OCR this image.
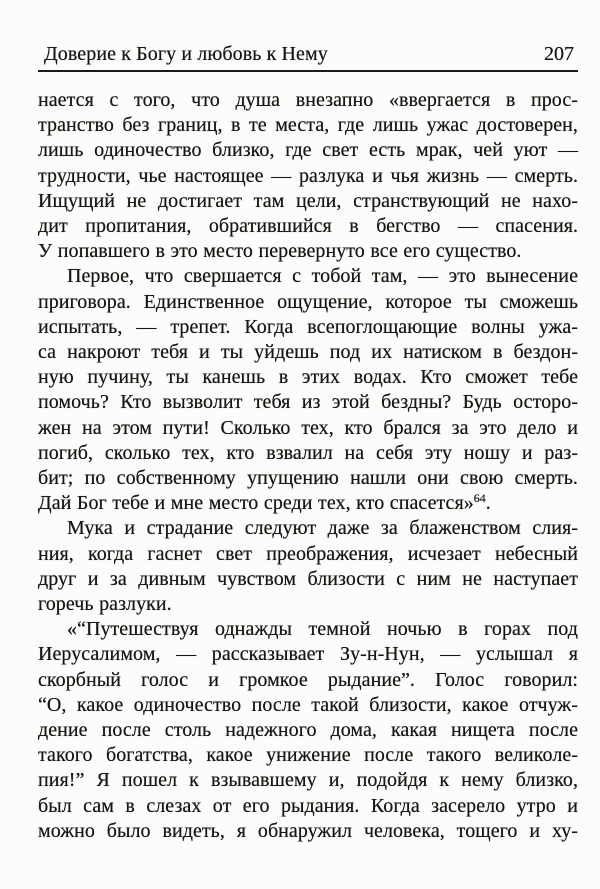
Доверие к Богу и любовь к Нему	207
нается с того, что душа внезапно «ввергается в прос-
транство без границ, в те места, где лишь ужас достоверен,
лишь одиночество близко, где свет есть мрак, чей уют —
трудности, чье настоящее — разлука и чья жизнь — смерть.
Ищущий не достигает там цели, странствующий не нахо-
дит пропитания, обратившийся в бегство — спасения.
У попавшего в это место перевернуто все его существо.
Первое, что свершается с тобой там, — это вынесение
приговора. Единственное ощущение, которое ты сможешь
испытать, — трепет. Когда всепоглощающие волны ужа-
са накроют тебя и ты уйдешь под их натиском в бездон-
ную пучину, ты канешь в этих водах. Кто сможет тебе
помочь? Кто вызволит тебя из этой бездны? Будь осторо-
жен на этом пути! Сколько тех, кто брался за это дело и
погиб, сколько тех, кто взвалил на себя эту ношу и раз-
бит; по собственному упущению нашли они свою смерть.
Дай Бог тебе и мне место среди тех, кто спасется»$^{64}$.
Мука и страдание следуют даже за блаженством слия-
ния, когда гаснет свет преображения, исчезает небесный
друг и за дивным чувством близости с ним не наступает
горечь разлуки.
«“Путешествуя однажды темной ночью в горах под
Иерусалимом, — рассказывает Зу-н-Нун, — услышал я
скорбный голос и громкое рыдание”. Голос говорил:
“О, какое одиночество после такой близости, какое отчуж-
дение после столь надежного дома, какая нищета после
такого богатства, какое унижение после такого великоле-
пия!” Я пошел к взывавшему и, подойдя к нему близко,
был сам в слезах от его рыдания. Когда засерело утро и
можно было видеть, я обнаружил человека, тощего и ху-
